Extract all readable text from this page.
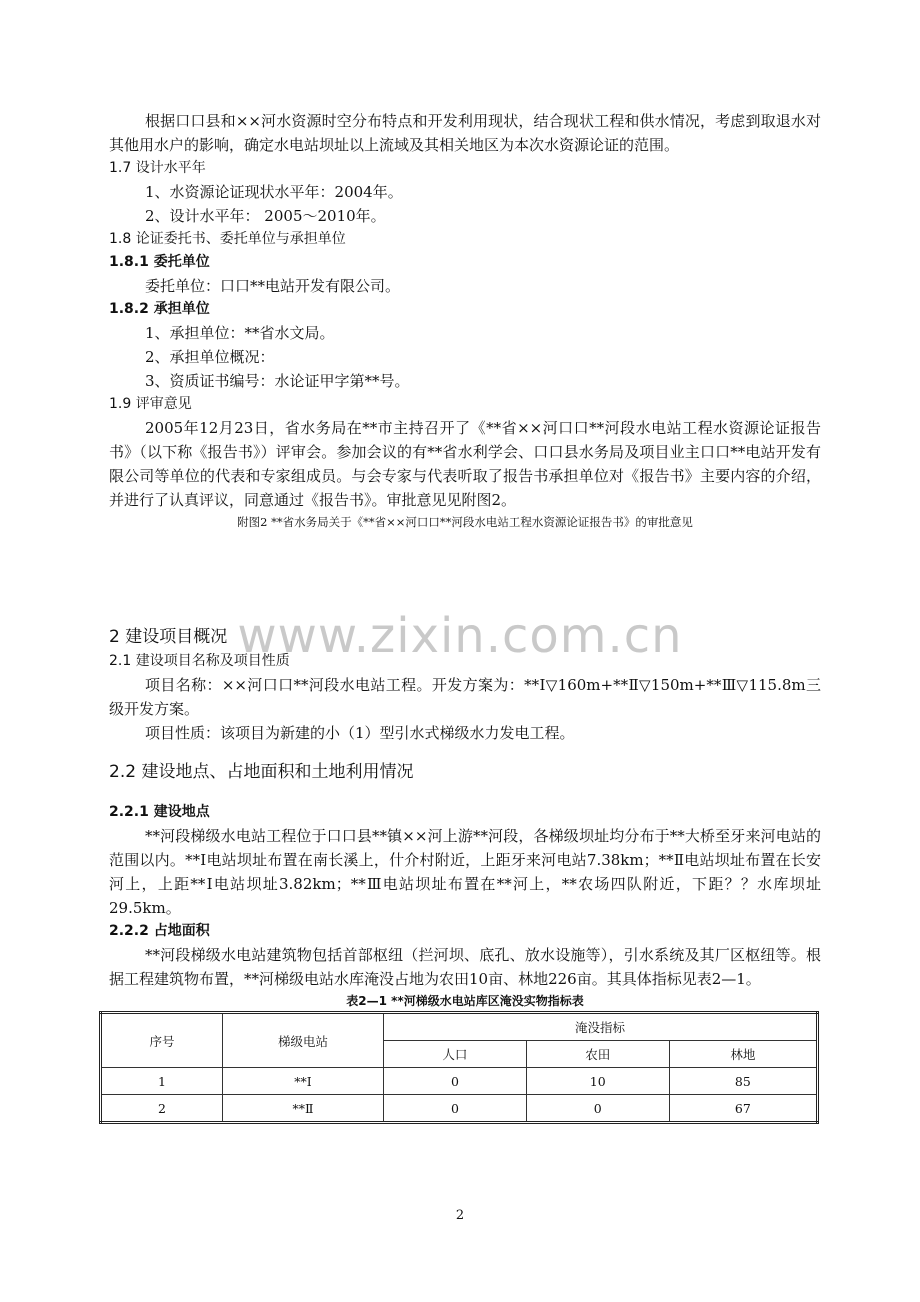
www.zixin.com.cn

根据口口县和××河水资源时空分布特点和开发利用现状，结合现状工程和供水情况，考虑到取退水对其他用水户的影响，确定水电站坝址以上流域及其相关地区为本次水资源论证的范围。

1.7 设计水平年

1、水资源论证现状水平年：2004年。

2、设计水平年： 2005～2010年。

1.8 论证委托书、委托单位与承担单位

1.8.1 委托单位

委托单位：口口**电站开发有限公司。

1.8.2 承担单位

1、承担单位：**省水文局。

2、承担单位概况：

3、资质证书编号：水论证甲字第**号。

1.9 评审意见

2005年12月23日，省水务局在**市主持召开了《**省××河口口**河段水电站工程水资源论证报告书》（以下称《报告书》）评审会。参加会议的有**省水利学会、口口县水务局及项目业主口口**电站开发有限公司等单位的代表和专家组成员。与会专家与代表听取了报告书承担单位对《报告书》主要内容的介绍，并进行了认真评议，同意通过《报告书》。审批意见见附图2。

附图2 **省水务局关于《**省××河口口**河段水电站工程水资源论证报告书》的审批意见

2 建设项目概况

2.1 建设项目名称及项目性质

项目名称：××河口口**河段水电站工程。开发方案为：**Ⅰ▽160m+**Ⅱ▽150m+**Ⅲ▽115.8m三级开发方案。

项目性质：该项目为新建的小（1）型引水式梯级水力发电工程。

2.2 建设地点、占地面积和土地利用情况

2.2.1 建设地点

**河段梯级水电站工程位于口口县**镇××河上游**河段，各梯级坝址均分布于**大桥至牙来河电站的范围以内。**Ⅰ电站坝址布置在南长溪上，什介村附近，上距牙来河电站7.38km；**Ⅱ电站坝址布置在长安河上，上距**Ⅰ电站坝址3.82km；**Ⅲ电站坝址布置在**河上，**农场四队附近，下距？？水库坝址29.5km。

2.2.2 占地面积

**河段梯级水电站建筑物包括首部枢纽（拦河坝、底孔、放水设施等），引水系统及其厂区枢纽等。根据工程建筑物布置，**河梯级电站水库淹没占地为农田10亩、林地226亩。其具体指标见表2—1。

表2—1 **河梯级水电站库区淹没实物指标表

序号	梯级电站	淹没指标		
		人口	农田	林地
1	**Ⅰ	0	10	85
2	**Ⅱ	0	0	67
2
